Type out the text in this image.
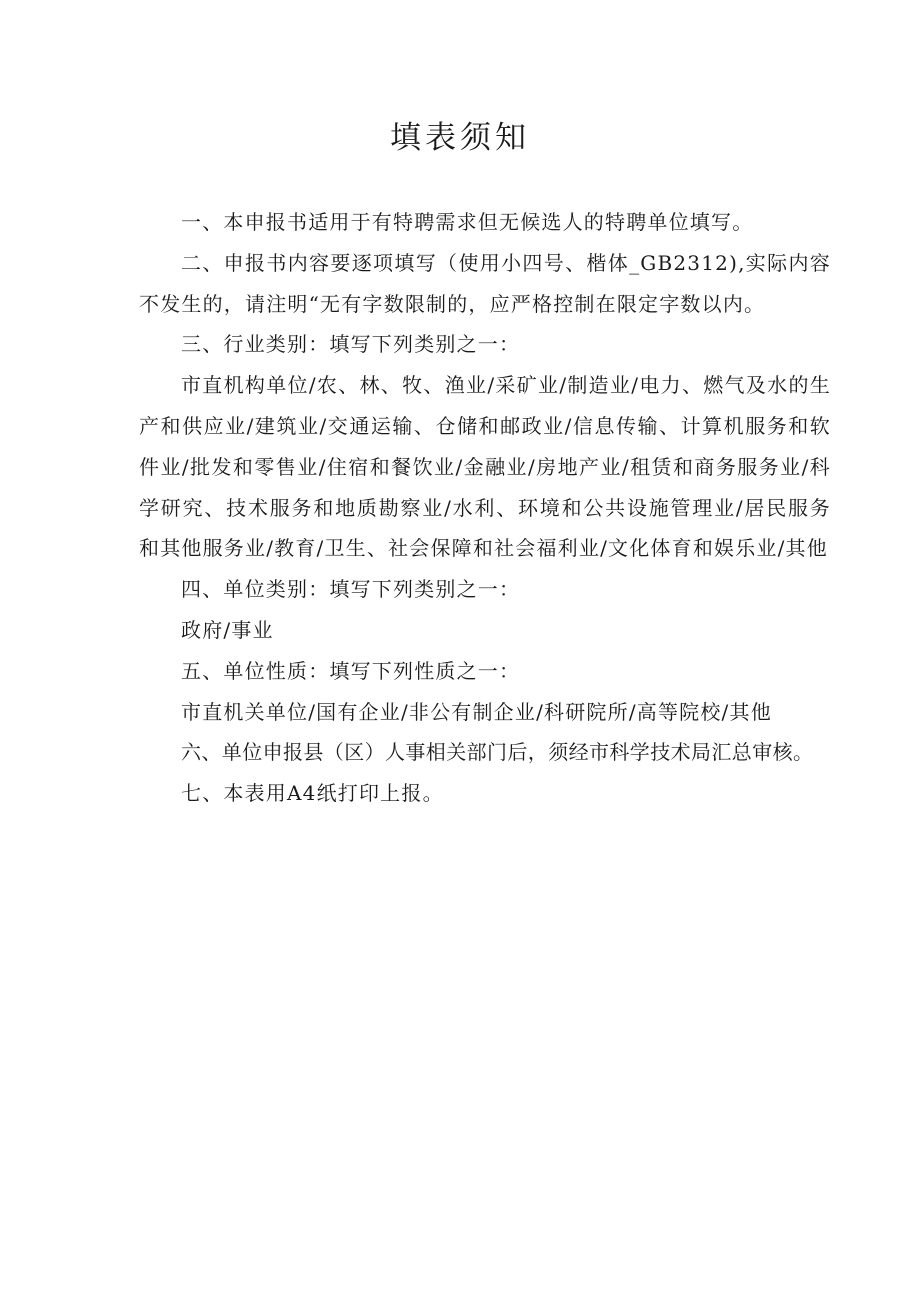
填表须知

一、本申报书适用于有特聘需求但无候选人的特聘单位填写。

二、申报书内容要逐项填写（使用小四号、楷体_GB2312),实际内容不发生的，请注明“无有字数限制的，应严格控制在限定字数以内。

三、行业类别：填写下列类别之一：

市直机构单位/农、林、牧、渔业/采矿业/制造业/电力、燃气及水的生产和供应业/建筑业/交通运输、仓储和邮政业/信息传输、计算机服务和软件业/批发和零售业/住宿和餐饮业/金融业/房地产业/租赁和商务服务业/科学研究、技术服务和地质勘察业/水利、环境和公共设施管理业/居民服务和其他服务业/教育/卫生、社会保障和社会福利业/文化体育和娱乐业/其他

四、单位类别：填写下列类别之一：

政府/事业

五、单位性质：填写下列性质之一：

市直机关单位/国有企业/非公有制企业/科研院所/高等院校/其他

六、单位申报县（区）人事相关部门后，须经市科学技术局汇总审核。

七、本表用A4纸打印上报。
